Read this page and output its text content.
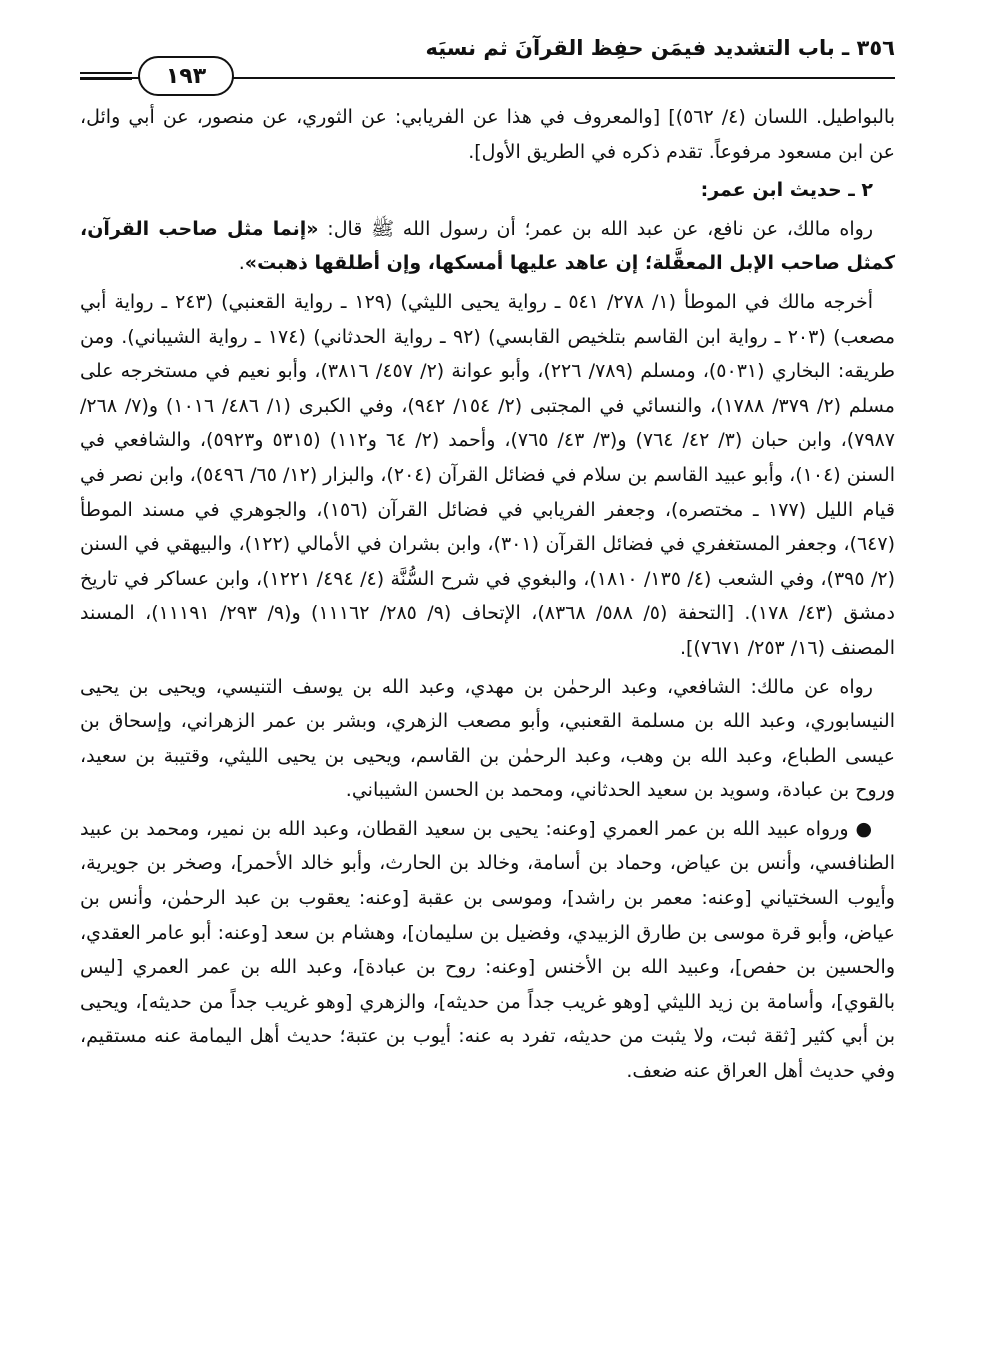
٣٥٦ ـ باب التشديد فيمَن حفِظ القرآنَ ثم نسيَه
١٩٣

بالبواطيل. اللسان (٤/ ٥٦٢)] [والمعروف في هذا عن الفريابي: عن الثوري، عن منصور، عن أبي وائل، عن ابن مسعود مرفوعاً. تقدم ذكره في الطريق الأول].

٢ ـ حديث ابن عمر:

رواه مالك، عن نافع، عن عبد الله بن عمر؛ أن رسول الله ﷺ قال: «إنما مثل صاحب القرآن، كمثل صاحب الإبل المعقَّلة؛ إن عاهد عليها أمسكها، وإن أطلقها ذهبت».

أخرجه مالك في الموطأ (١/ ٢٧٨/ ٥٤١ ـ رواية يحيى الليثي) (١٢٩ ـ رواية القعنبي) (٢٤٣ ـ رواية أبي مصعب) (٢٠٣ ـ رواية ابن القاسم بتلخيص القابسي) (٩٢ ـ رواية الحدثاني) (١٧٤ ـ رواية الشيباني). ومن طريقه: البخاري (٥٠٣١)، ومسلم (٧٨٩/ ٢٢٦)، وأبو عوانة (٢/ ٤٥٧/ ٣٨١٦)، وأبو نعيم في مستخرجه على مسلم (٢/ ٣٧٩/ ١٧٨٨)، والنسائي في المجتبى (٢/ ١٥٤/ ٩٤٢)، وفي الكبرى (١/ ٤٨٦/ ١٠١٦) و(٧/ ٢٦٨/ ٧٩٨٧)، وابن حبان (٣/ ٤٢/ ٧٦٤) و(٣/ ٤٣/ ٧٦٥)، وأحمد (٢/ ٦٤ و١١٢) (٥٣١٥ و٥٩٢٣)، والشافعي في السنن (١٠٤)، وأبو عبيد القاسم بن سلام في فضائل القرآن (٢٠٤)، والبزار (١٢/ ٦٥/ ٥٤٩٦)، وابن نصر في قيام الليل (١٧٧ ـ مختصره)، وجعفر الفريابي في فضائل القرآن (١٥٦)، والجوهري في مسند الموطأ (٦٤٧)، وجعفر المستغفري في فضائل القرآن (٣٠١)، وابن بشران في الأمالي (١٢٢)، والبيهقي في السنن (٢/ ٣٩٥)، وفي الشعب (٤/ ١٣٥/ ١٨١٠)، والبغوي في شرح السُّنَّة (٤/ ٤٩٤/ ١٢٢١)، وابن عساكر في تاريخ دمشق (٤٣/ ١٧٨). [التحفة (٥/ ٥٨٨/ ٨٣٦٨)، الإتحاف (٩/ ٢٨٥/ ١١١٦٢) و(٩/ ٢٩٣/ ١١١٩١)، المسند المصنف (١٦/ ٢٥٣/ ٧٦٧١)].

رواه عن مالك: الشافعي، وعبد الرحمٰن بن مهدي، وعبد الله بن يوسف التنيسي، ويحيى بن يحيى النيسابوري، وعبد الله بن مسلمة القعنبي، وأبو مصعب الزهري، وبشر بن عمر الزهراني، وإسحاق بن عيسى الطباع، وعبد الله بن وهب، وعبد الرحمٰن بن القاسم، ويحيى بن يحيى الليثي، وقتيبة بن سعيد، وروح بن عبادة، وسويد بن سعيد الحدثاني، ومحمد بن الحسن الشيباني.

● ورواه عبيد الله بن عمر العمري [وعنه: يحيى بن سعيد القطان، وعبد الله بن نمير، ومحمد بن عبيد الطنافسي، وأنس بن عياض، وحماد بن أسامة، وخالد بن الحارث، وأبو خالد الأحمر]، وصخر بن جويرية، وأيوب السختياني [وعنه: معمر بن راشد]، وموسى بن عقبة [وعنه: يعقوب بن عبد الرحمٰن، وأنس بن عياض، وأبو قرة موسى بن طارق الزبيدي، وفضيل بن سليمان]، وهشام بن سعد [وعنه: أبو عامر العقدي، والحسين بن حفص]، وعبيد الله بن الأخنس [وعنه: روح بن عبادة]، وعبد الله بن عمر العمري [ليس بالقوي]، وأسامة بن زيد الليثي [وهو غريب جداً من حديثه]، والزهري [وهو غريب جداً من حديثه]، ويحيى بن أبي كثير [ثقة ثبت، ولا يثبت من حديثه، تفرد به عنه: أيوب بن عتبة؛ حديث أهل اليمامة عنه مستقيم، وفي حديث أهل العراق عنه ضعف.
